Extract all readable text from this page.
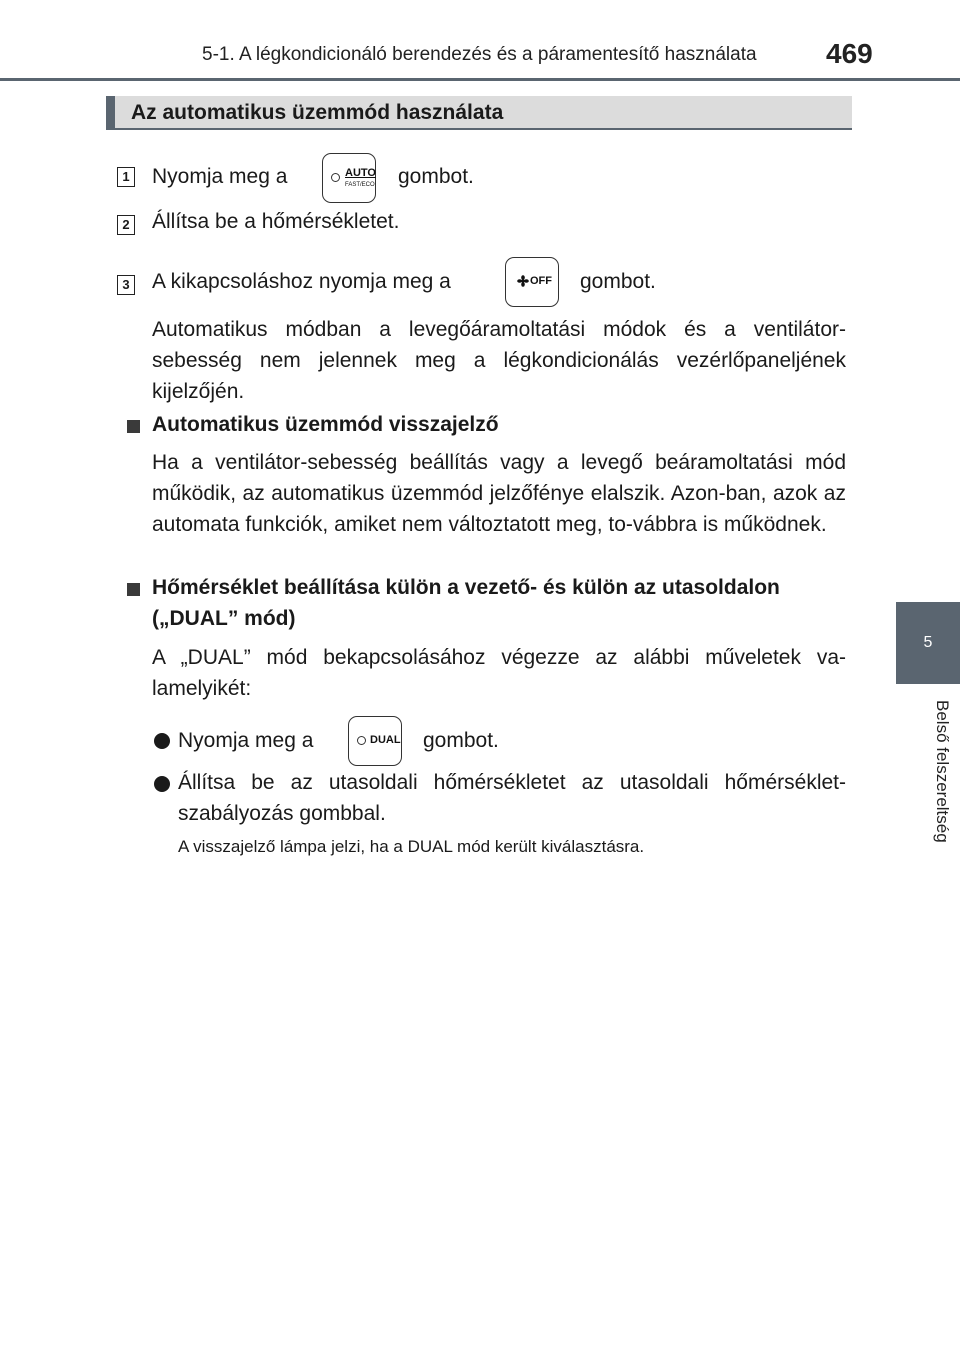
5-1. A légkondicionáló berendezés és a páramentesítő használata 469
5
Belső felszereltség
Az automatikus üzemmód használata
1 Nyomja meg a	AUTO
FAST/ECO gombot.
2 Állítsa be a hőmérsékletet.
3 A kikapcsoláshoz nyomja meg a	OFF gombot.
Automatikus módban a levegőáramoltatási módok és a ventilátor-sebesség nem jelennek meg a légkondicionálás vezérlőpaneljének kijelzőjén.
Automatikus üzemmód visszajelző
Ha a ventilátor-sebesség beállítás vagy a levegő beáramoltatási mód működik, az automatikus üzemmód jelzőfénye elalszik. Azon-ban, azok az automata funkciók, amiket nem változtatott meg, to-vábbra is működnek.
Hőmérséklet beállítása külön a vezető- és külön az utasoldalon
(„DUAL” mód)
A „DUAL” mód bekapcsolásához végezze az alábbi műveletek va-lamelyikét:
Nyomja meg a	DUAL gombot.
Állítsa be az utasoldali hőmérsékletet az utasoldali hőmérséklet-szabályozás gombbal.
A visszajelző lámpa jelzi, ha a DUAL mód került kiválasztásra.
